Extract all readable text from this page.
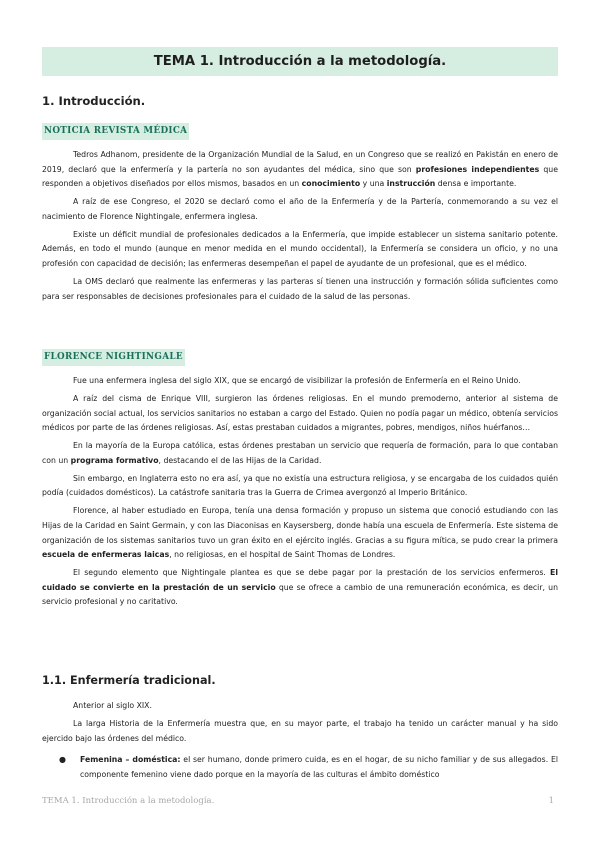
TEMA 1. Introducción a la metodología.
1. Introducción.
NOTICIA REVISTA MÉDICA

Tedros Adhanom, presidente de la Organización Mundial de la Salud, en un Congreso que se realizó en Pakistán en enero de 2019, declaró que la enfermería y la partería no son ayudantes del médica, sino que son profesiones independientes que responden a objetivos diseñados por ellos mismos, basados en un conocimiento y una instrucción densa e importante.

A raíz de ese Congreso, el 2020 se declaró como el año de la Enfermería y de la Partería, conmemorando a su vez el nacimiento de Florence Nightingale, enfermera inglesa.

Existe un déficit mundial de profesionales dedicados a la Enfermería, que impide establecer un sistema sanitario potente. Además, en todo el mundo (aunque en menor medida en el mundo occidental), la Enfermería se considera un oficio, y no una profesión con capacidad de decisión; las enfermeras desempeñan el papel de ayudante de un profesional, que es el médico.

La OMS declaró que realmente las enfermeras y las parteras sí tienen una instrucción y formación sólida suficientes como para ser responsables de decisiones profesionales para el cuidado de la salud de las personas.

FLORENCE NIGHTINGALE

Fue una enfermera inglesa del siglo XIX, que se encargó de visibilizar la profesión de Enfermería en el Reino Unido.

A raíz del cisma de Enrique VIII, surgieron las órdenes religiosas. En el mundo premoderno, anterior al sistema de organización social actual, los servicios sanitarios no estaban a cargo del Estado. Quien no podía pagar un médico, obtenía servicios médicos por parte de las órdenes religiosas. Así, estas prestaban cuidados a migrantes, pobres, mendigos, niños huérfanos…

En la mayoría de la Europa católica, estas órdenes prestaban un servicio que requería de formación, para lo que contaban con un programa formativo, destacando el de las Hijas de la Caridad.

Sin embargo, en Inglaterra esto no era así, ya que no existía una estructura religiosa, y se encargaba de los cuidados quién podía (cuidados domésticos). La catástrofe sanitaria tras la Guerra de Crimea avergonzó al Imperio Británico.

Florence, al haber estudiado en Europa, tenía una densa formación y propuso un sistema que conoció estudiando con las Hijas de la Caridad en Saint Germain, y con las Diaconisas en Kaysersberg, donde había una escuela de Enfermería. Este sistema de organización de los sistemas sanitarios tuvo un gran éxito en el ejército inglés. Gracias a su figura mítica, se pudo crear la primera escuela de enfermeras laicas, no religiosas, en el hospital de Saint Thomas de Londres.

El segundo elemento que Nightingale plantea es que se debe pagar por la prestación de los servicios enfermeros. El cuidado se convierte en la prestación de un servicio que se ofrece a cambio de una remuneración económica, es decir, un servicio profesional y no caritativo.

1.1. Enfermería tradicional.

Anterior al siglo XIX.

La larga Historia de la Enfermería muestra que, en su mayor parte, el trabajo ha tenido un carácter manual y ha sido ejercido bajo las órdenes del médico.

● Femenina – doméstica: el ser humano, donde primero cuida, es en el hogar, de su nicho familiar y de sus allegados. El componente femenino viene dado porque en la mayoría de las culturas el ámbito doméstico
TEMA 1. Introducción a la metodología.	1
